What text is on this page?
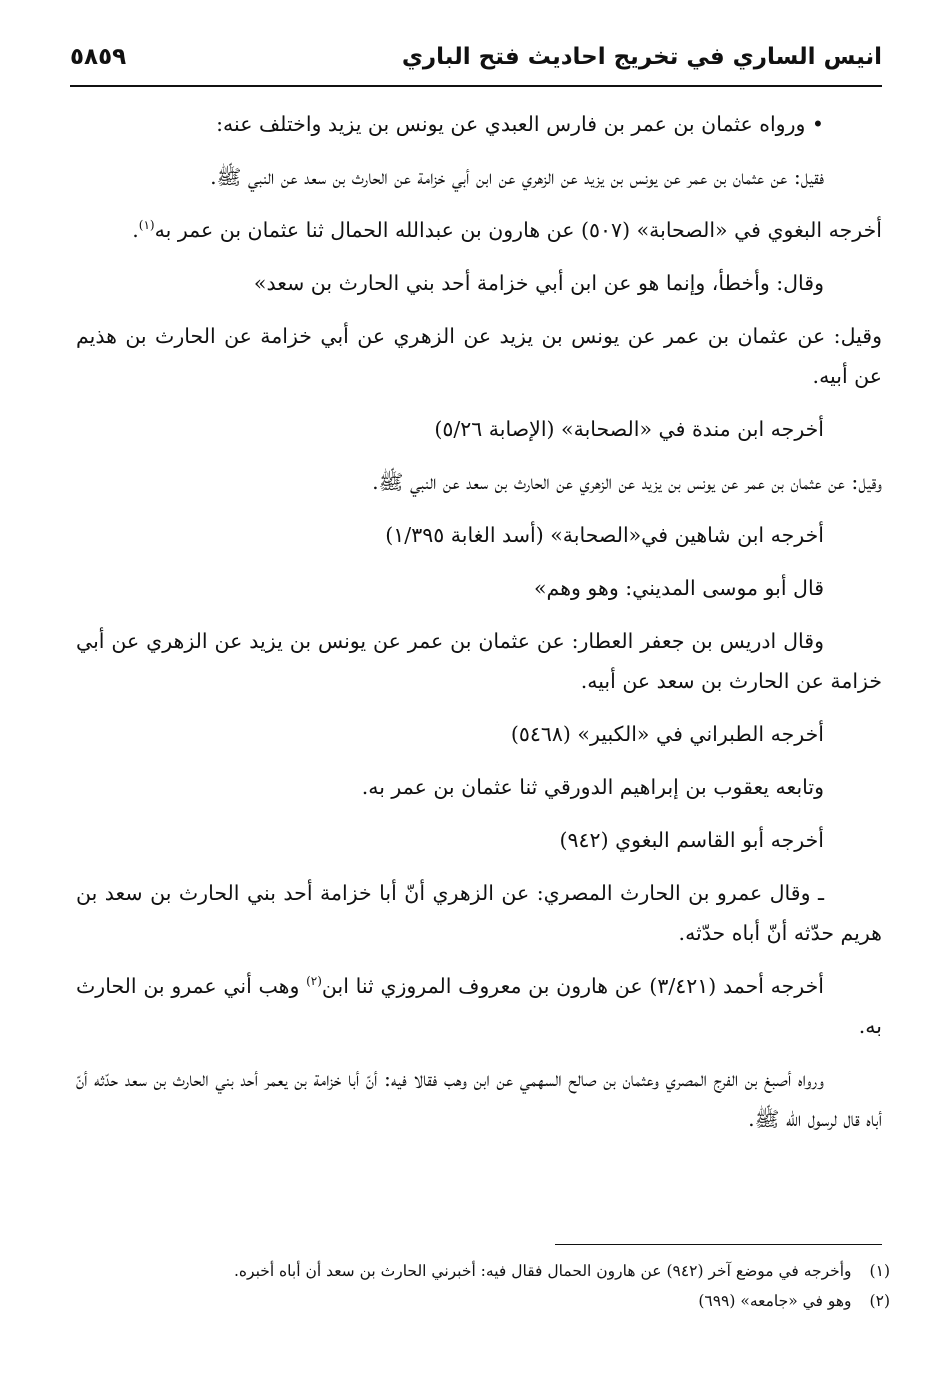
انيس الساري في تخريج احاديث فتح الباري
٥٨٥٩

• ورواه عثمان بن عمر بن فارس العبدي عن يونس بن يزيد واختلف عنه:

فقيل: عن عثمان بن عمر عن يونس بن يزيد عن الزهري عن ابن أبي خزامة عن الحارث بن سعد عن النبي ﷺ.

أخرجه البغوي في «الصحابة» (٥٠٧) عن هارون بن عبدالله الحمال ثنا عثمان بن عمر به$^{(١)}$.

وقال: وأخطأ، وإنما هو عن ابن أبي خزامة أحد بني الحارث بن سعد»

وقيل: عن عثمان بن عمر عن يونس بن يزيد عن الزهري عن أبي خزامة عن الحارث بن هذيم عن أبيه.

أخرجه ابن مندة في «الصحابة» (الإصابة ٥/٢٦)

وقيل: عن عثمان بن عمر عن يونس بن يزيد عن الزهري عن الحارث بن سعد عن النبي ﷺ.

أخرجه ابن شاهين في«الصحابة» (أسد الغابة ١/٣٩٥)

قال أبو موسى المديني: وهو وهم»

وقال ادريس بن جعفر العطار: عن عثمان بن عمر عن يونس بن يزيد عن الزهري عن أبي خزامة عن الحارث بن سعد عن أبيه.

أخرجه الطبراني في «الكبير» (٥٤٦٨)

وتابعه يعقوب بن إبراهيم الدورقي ثنا عثمان بن عمر به.

أخرجه أبو القاسم البغوي (٩٤٢)

ـ وقال عمرو بن الحارث المصري: عن الزهري أنّ أبا خزامة أحد بني الحارث بن سعد بن هريم حدّثه أنّ أباه حدّثه.

أخرجه أحمد (٣/٤٢١) عن هارون بن معروف المروزي ثنا ابن$^{(٢)}$ وهب أني عمرو بن الحارث به.

ورواه أصبغ بن الفرج المصري وعثمان بن صالح السهمي عن ابن وهب فقالا فيه: أنّ أبا خزامة بن يعمر أحد بني الحارث بن سعد حدّثه أنّ أباه قال لرسول الله ﷺ.

(١)وأخرجه في موضع آخر (٩٤٢) عن هارون الحمال فقال فيه: أخبرني الحارث بن سعد أن أباه أخبره.

(٢)وهو في «جامعه» (٦٩٩)
